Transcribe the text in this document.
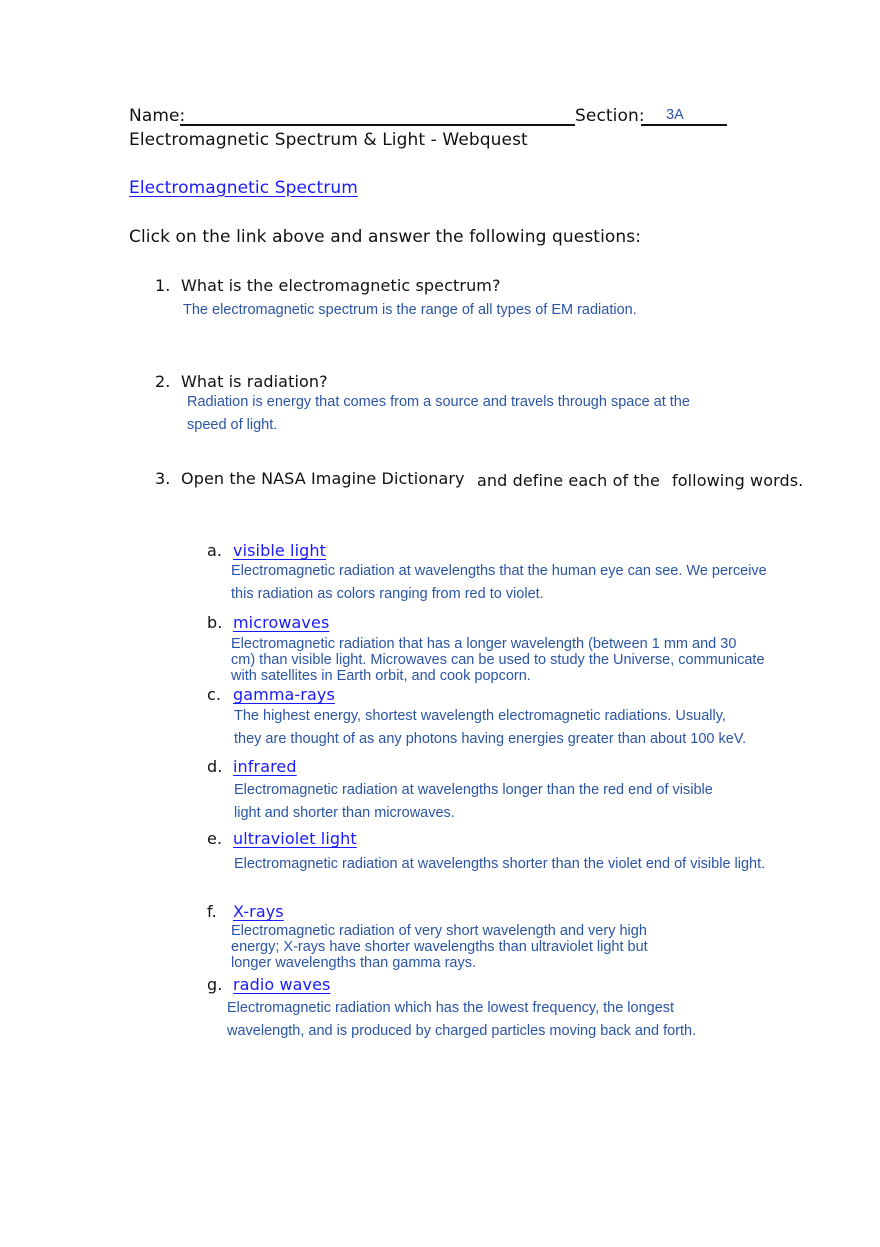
Name:	Section: 3A
Electromagnetic Spectrum & Light - Webquest
Electromagnetic Spectrum
Click on the link above and answer the following questions:
1. What is the electromagnetic spectrum?
The electromagnetic spectrum is the range of all types of EM radiation.
2. What is radiation?
Radiation is energy that comes from a source and travels through space at the
speed of light.
3. Open the NASA Imagine Dictionary and define each of the following words.
a. visible light
Electromagnetic radiation at wavelengths that the human eye can see. We perceive
this radiation as colors ranging from red to violet.
b. microwaves
Electromagnetic radiation that has a longer wavelength (between 1 mm and 30
cm) than visible light. Microwaves can be used to study the Universe, communicate
with satellites in Earth orbit, and cook popcorn.
c. gamma-rays
The highest energy, shortest wavelength electromagnetic radiations. Usually,
they are thought of as any photons having energies greater than about 100 keV.
d. infrared
Electromagnetic radiation at wavelengths longer than the red end of visible
light and shorter than microwaves.
e. ultraviolet light
Electromagnetic radiation at wavelengths shorter than the violet end of visible light.
f. X-rays
Electromagnetic radiation of very short wavelength and very high
energy; X-rays have shorter wavelengths than ultraviolet light but
longer wavelengths than gamma rays.
g. radio waves
Electromagnetic radiation which has the lowest frequency, the longest
wavelength, and is produced by charged particles moving back and forth.
